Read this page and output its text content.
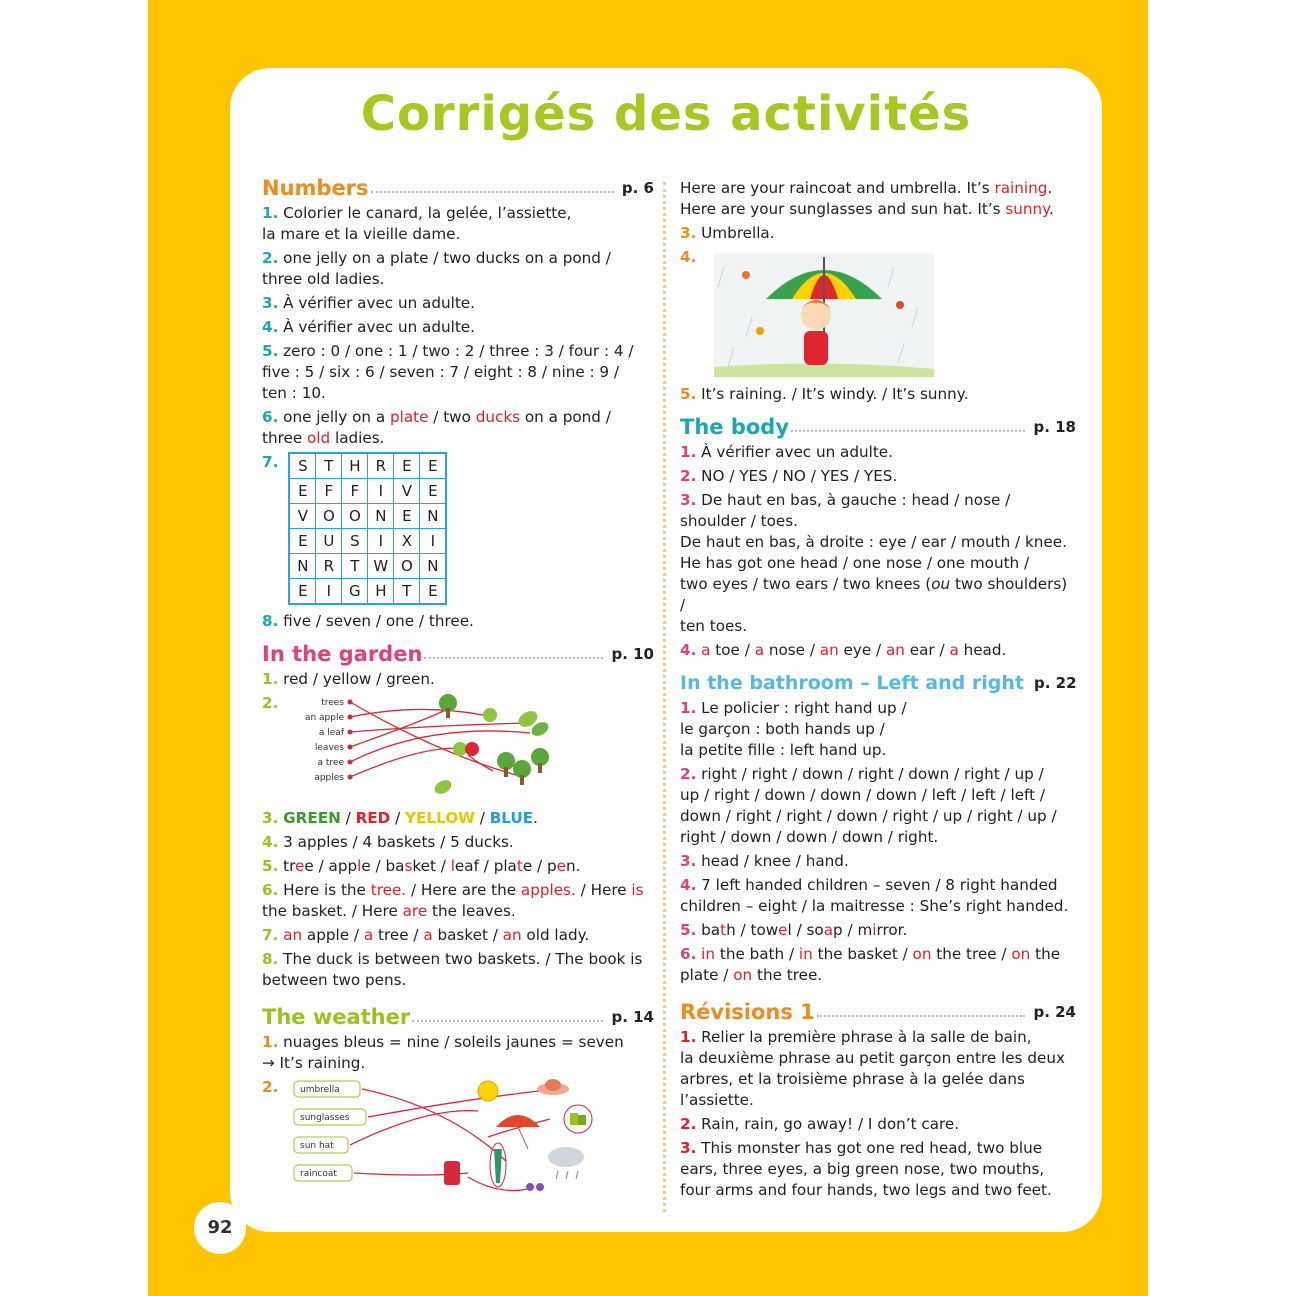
Corrigés des activités
92
Numbers	p. 6
1. Colorier le canard, la gelée, l’assiette,
la mare et la vieille dame.
2. one jelly on a plate / two ducks on a pond /
three old ladies.
3. À vérifier avec un adulte.
4. À vérifier avec un adulte.
5. zero : 0 / one : 1 / two : 2 / three : 3 / four : 4 /
five : 5 / six : 6 / seven : 7 / eight : 8 / nine : 9 /
ten : 10.
6. one jelly on a plate / two ducks on a pond /
three old ladies.
7. S	T	H	R	E	E
E	F	F	I	V	E
V	O	O	N	E	N
E	U	S	I	X	I
N	R	T	W	O	N
E	I	G	H	T	E
8. five / seven / one / three.
In the garden	p. 10
1. red / yellow / green.
2.	trees
an apple
a leaf
leaves
a tree
apples
3. GREEN / RED / YELLOW / BLUE.
4. 3 apples / 4 baskets / 5 ducks.
5. tree / apple / basket / leaf / plate / pen.
6. Here is the tree. / Here are the apples. / Here is
the basket. / Here are the leaves.
7. an apple / a tree / a basket / an old lady.
8. The duck is between two baskets. / The book is
between two pens.
The weather	p. 14
1. nuages bleus = nine / soleils jaunes = seven
→ It’s raining.
2. umbrella
sunglasses
sun hat
raincoat
Here are your raincoat and umbrella. It’s raining.
Here are your sunglasses and sun hat. It’s sunny.
3. Umbrella.
4.
5. It’s raining. / It’s windy. / It’s sunny.
The body	p. 18
1. À vérifier avec un adulte.
2. NO / YES / NO / YES / YES.
3. De haut en bas, à gauche : head / nose /
shoulder / toes.
De haut en bas, à droite : eye / ear / mouth / knee.
He has got one head / one nose / one mouth /
two eyes / two ears / two knees (ou two shoulders) /
ten toes.
4. a toe / a nose / an eye / an ear / a head.
In the bathroom – Left and right p. 22
1. Le policier : right hand up /
le garçon : both hands up /
la petite fille : left hand up.
2. right / right / down / right / down / right / up /
up / right / down / down / down / left / left / left /
down / right / right / down / right / up / right / up /
right / down / down / down / right.
3. head / knee / hand.
4. 7 left handed children – seven / 8 right handed
children – eight / la maitresse : She’s right handed.
5. bath / towel / soap / mirror.
6. in the bath / in the basket / on the tree / on the
plate / on the tree.
Révisions 1	p. 24
1. Relier la première phrase à la salle de bain,
la deuxième phrase au petit garçon entre les deux
arbres, et la troisième phrase à la gelée dans
l’assiette.
2. Rain, rain, go away! / I don’t care.
3. This monster has got one red head, two blue
ears, three eyes, a big green nose, two mouths,
four arms and four hands, two legs and two feet.
